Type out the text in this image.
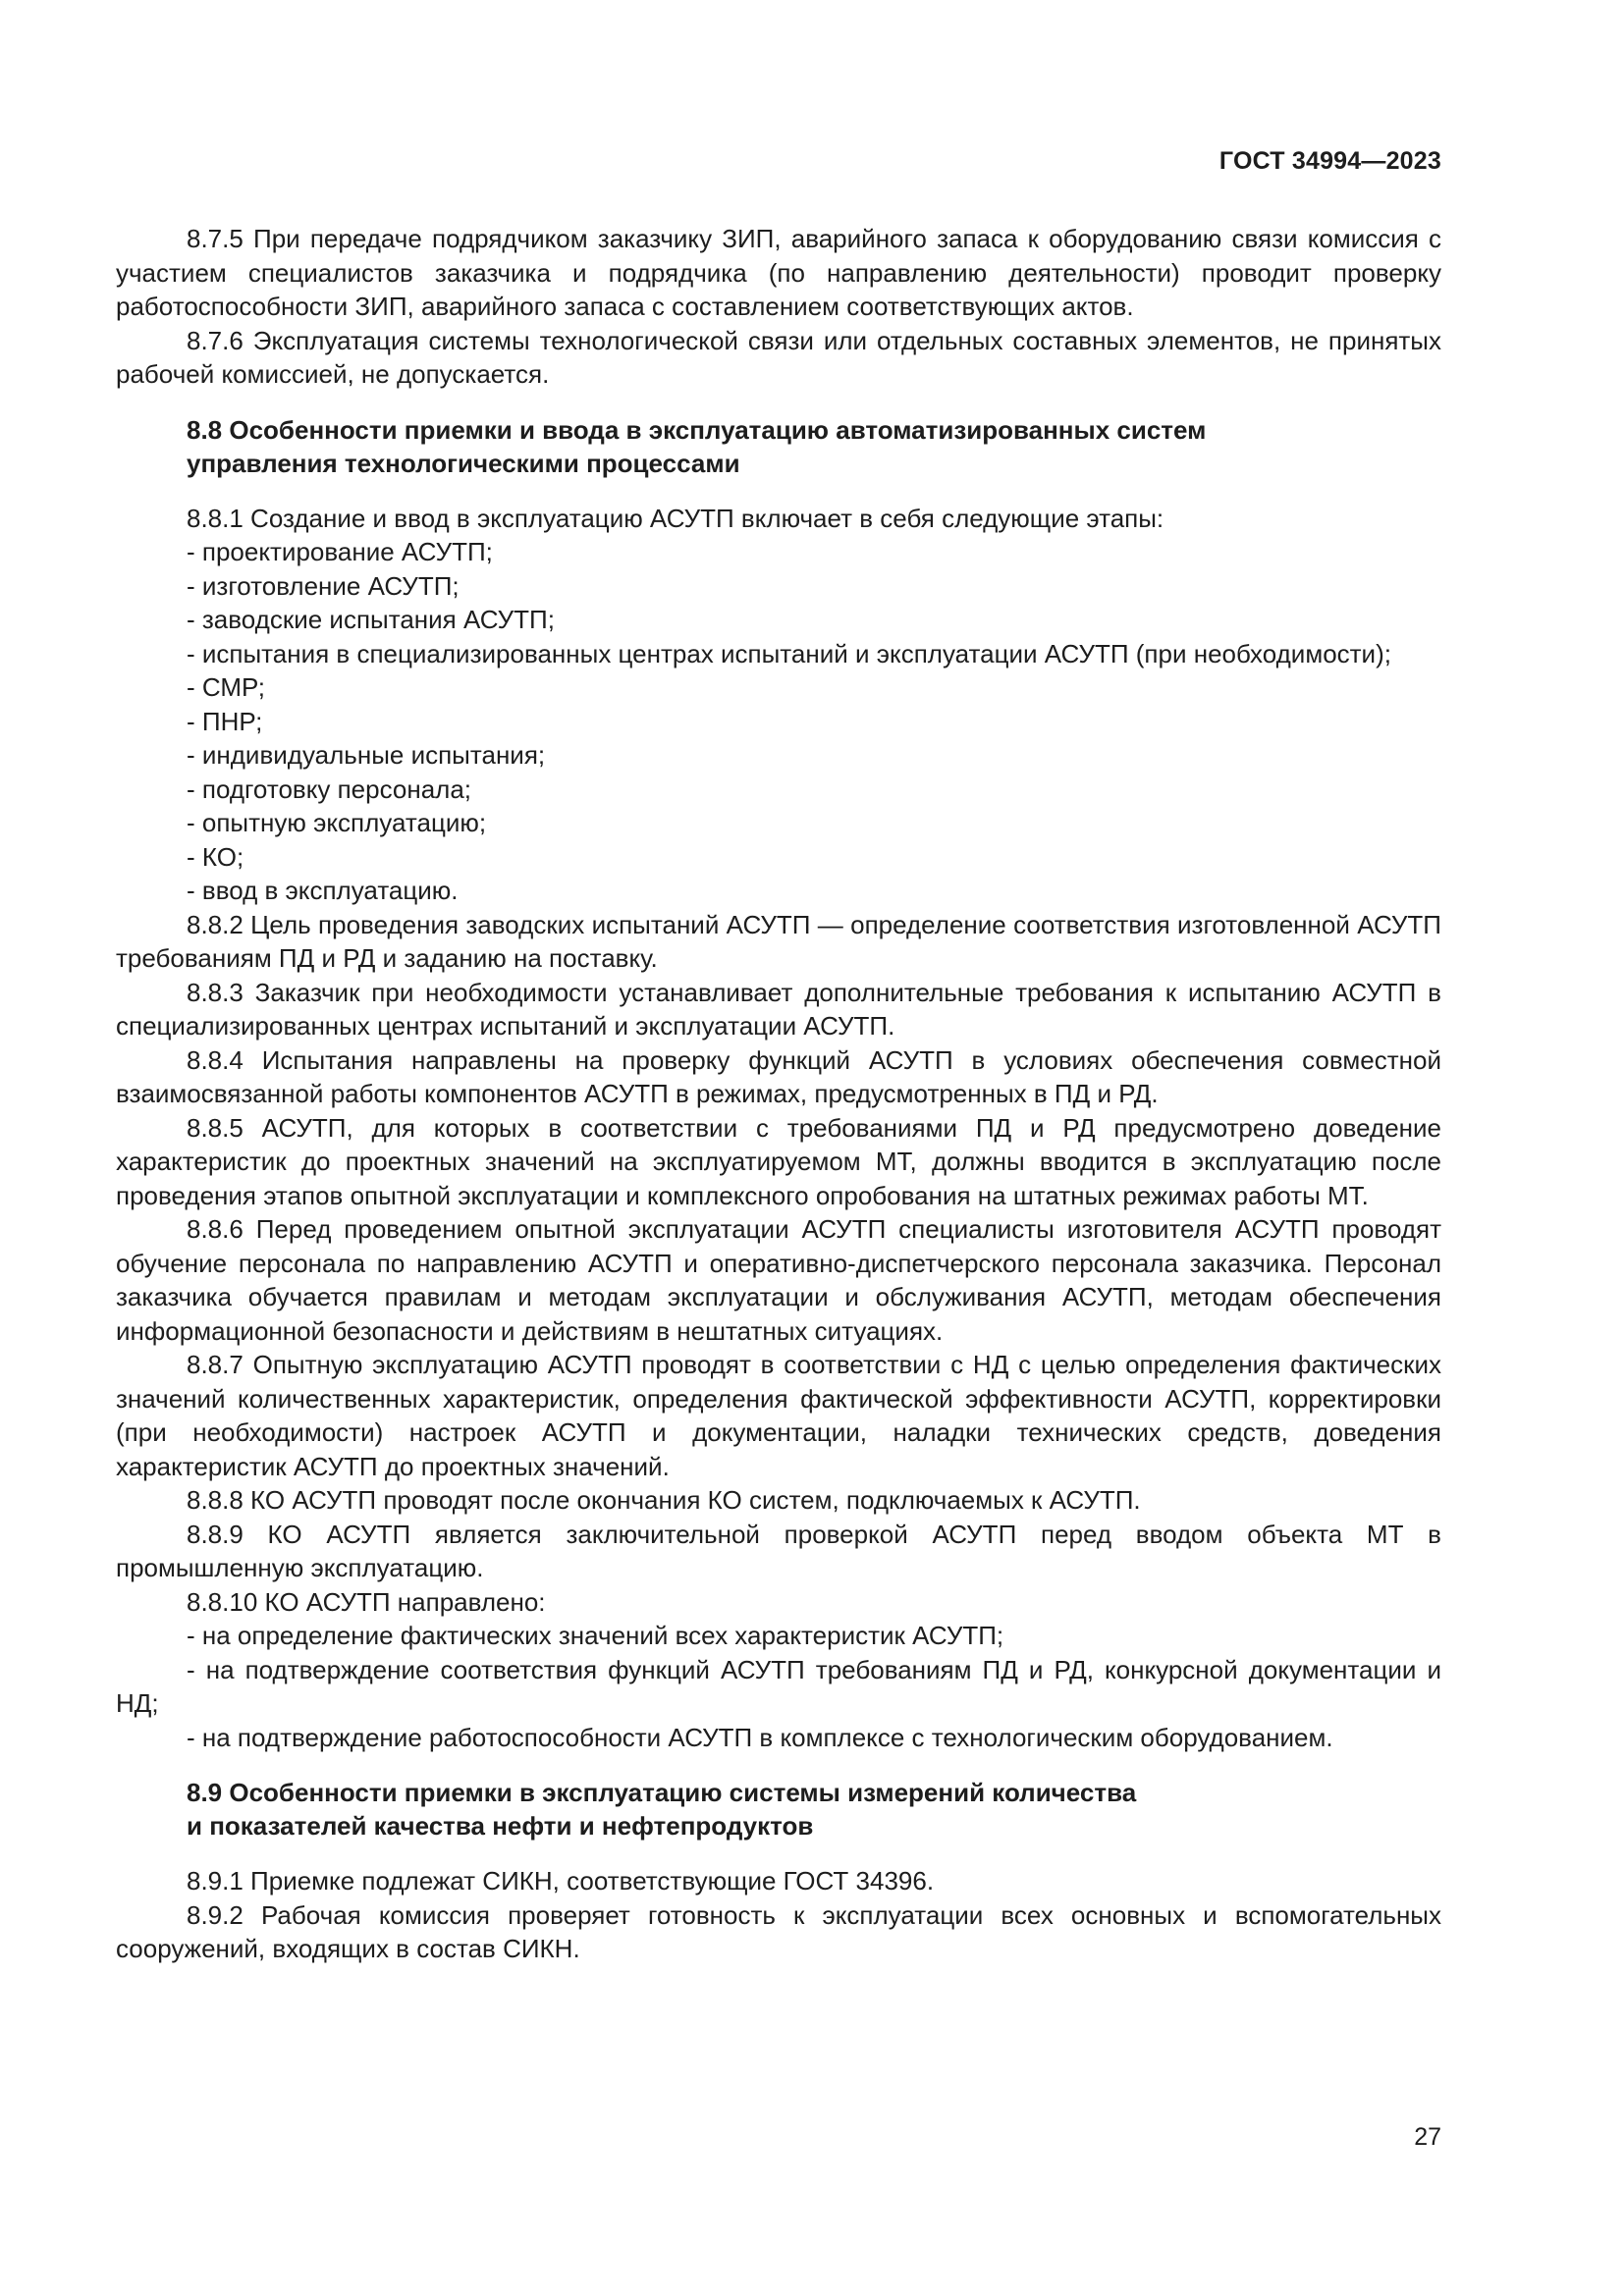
ГОСТ 34994—2023

8.7.5 При передаче подрядчиком заказчику ЗИП, аварийного запаса к оборудованию связи комиссия с участием специалистов заказчика и подрядчика (по направлению деятельности) проводит проверку работоспособности ЗИП, аварийного запаса с составлением соответствующих актов.

8.7.6 Эксплуатация системы технологической связи или отдельных составных элементов, не принятых рабочей комиссией, не допускается.

8.8 Особенности приемки и ввода в эксплуатацию автоматизированных систем
управления технологическими процессами

8.8.1 Создание и ввод в эксплуатацию АСУТП включает в себя следующие этапы:

- проектирование АСУТП;

- изготовление АСУТП;

- заводские испытания АСУТП;

- испытания в специализированных центрах испытаний и эксплуатации АСУТП (при необходимости);

- СМР;

- ПНР;

- индивидуальные испытания;

- подготовку персонала;

- опытную эксплуатацию;

- КО;

- ввод в эксплуатацию.

8.8.2 Цель проведения заводских испытаний АСУТП — определение соответствия изготовленной АСУТП требованиям ПД и РД и заданию на поставку.

8.8.3 Заказчик при необходимости устанавливает дополнительные требования к испытанию АСУТП в специализированных центрах испытаний и эксплуатации АСУТП.

8.8.4 Испытания направлены на проверку функций АСУТП в условиях обеспечения совместной взаимосвязанной работы компонентов АСУТП в режимах, предусмотренных в ПД и РД.

8.8.5 АСУТП, для которых в соответствии с требованиями ПД и РД предусмотрено доведение характеристик до проектных значений на эксплуатируемом МТ, должны вводится в эксплуатацию после проведения этапов опытной эксплуатации и комплексного опробования на штатных режимах работы МТ.

8.8.6 Перед проведением опытной эксплуатации АСУТП специалисты изготовителя АСУТП проводят обучение персонала по направлению АСУТП и оперативно-диспетчерского персонала заказчика. Персонал заказчика обучается правилам и методам эксплуатации и обслуживания АСУТП, методам обеспечения информационной безопасности и действиям в нештатных ситуациях.

8.8.7 Опытную эксплуатацию АСУТП проводят в соответствии с НД с целью определения фактических значений количественных характеристик, определения фактической эффективности АСУТП, корректировки (при необходимости) настроек АСУТП и документации, наладки технических средств, доведения характеристик АСУТП до проектных значений.

8.8.8 КО АСУТП проводят после окончания КО систем, подключаемых к АСУТП.

8.8.9 КО АСУТП является заключительной проверкой АСУТП перед вводом объекта МТ в промышленную эксплуатацию.

8.8.10 КО АСУТП направлено:

- на определение фактических значений всех характеристик АСУТП;

- на подтверждение соответствия функций АСУТП требованиям ПД и РД, конкурсной документации и НД;

- на подтверждение работоспособности АСУТП в комплексе с технологическим оборудованием.

8.9 Особенности приемки в эксплуатацию системы измерений количества
и показателей качества нефти и нефтепродуктов

8.9.1 Приемке подлежат СИКН, соответствующие ГОСТ 34396.

8.9.2 Рабочая комиссия проверяет готовность к эксплуатации всех основных и вспомогательных сооружений, входящих в состав СИКН.

27
